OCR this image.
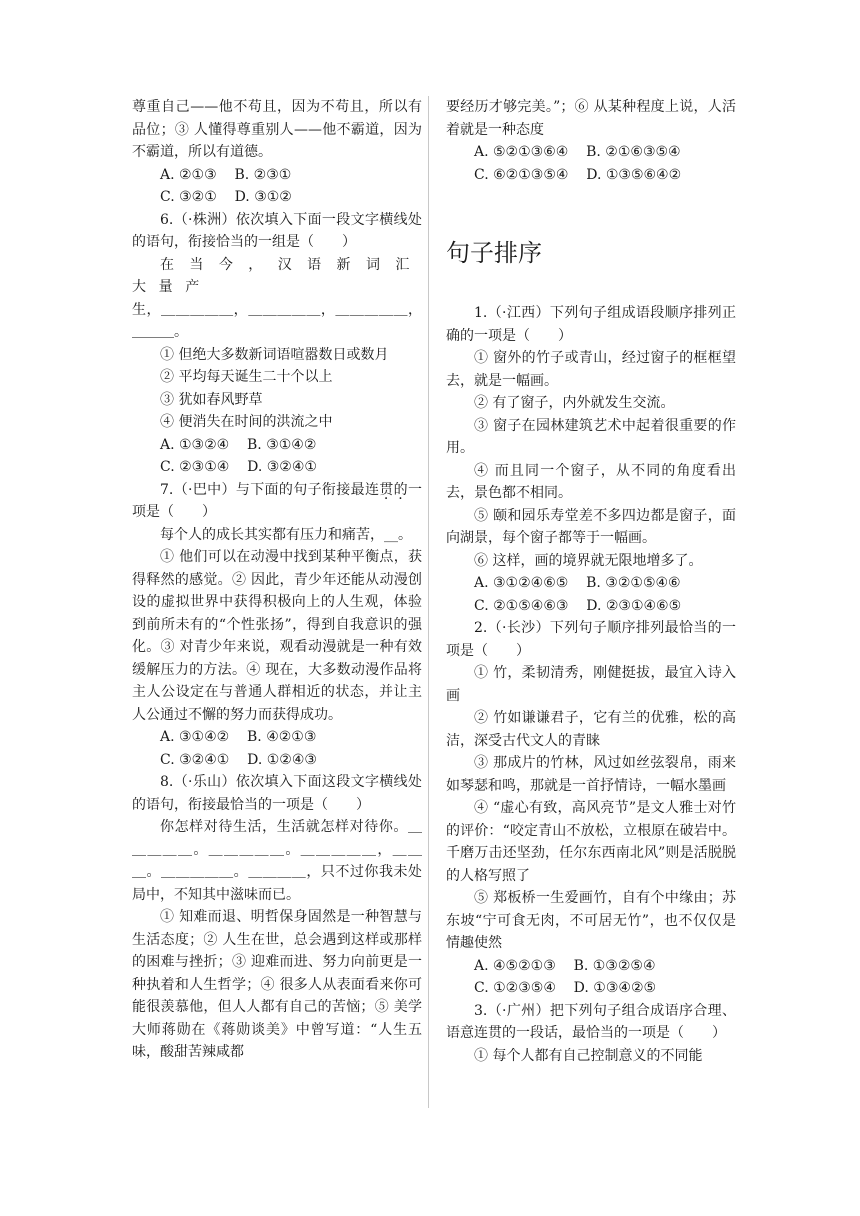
尊重自己——他不苟且，因为不苟且，所以有品位；③ 人懂得尊重别人——他不霸道，因为不霸道，所以有道德。

A. ②①③    B. ②③①

C. ③②①    D. ③①②

6.（·株洲）依次填入下面一段文字横线处的语句，衔接恰当的一组是（　　）

在当今，汉语新词汇大量产

生，＿＿＿＿＿，＿＿＿＿＿，＿＿＿＿＿，＿＿＿。

① 但绝大多数新词语喧嚣数日或数月

② 平均每天诞生二十个以上

③ 犹如春风野草

④ 便消失在时间的洪流之中

A. ①③②④    B. ③①④②

C. ②③①④    D. ③②④①

7.（·巴中）与下面的句子衔接最连贯的一项是（　　）

每个人的成长其实都有压力和痛苦，__。

① 他们可以在动漫中找到某种平衡点，获得释然的感觉。② 因此，青少年还能从动漫创设的虚拟世界中获得积极向上的人生观，体验到前所未有的“个性张扬”，得到自我意识的强化。③ 对青少年来说，观看动漫就是一种有效缓解压力的方法。④ 现在，大多数动漫作品将主人公设定在与普通人群相近的状态，并让主人公通过不懈的努力而获得成功。

A. ③①④②    B. ④②①③

C. ③②④①    D. ①②④③

8.（·乐山）依次填入下面这段文字横线处的语句，衔接最恰当的一项是（　　）

你怎样对待生活，生活就怎样对待你。＿＿＿＿＿。＿＿＿＿＿。＿＿＿＿＿，＿＿＿。＿＿＿＿＿。＿＿＿＿，只不过你我未处局中，不知其中滋味而已。

① 知难而退、明哲保身固然是一种智慧与生活态度；② 人生在世，总会遇到这样或那样的困难与挫折；③ 迎难而进、努力向前更是一种执着和人生哲学；④ 很多人从表面看来你可能很羡慕他，但人人都有自己的苦恼；⑤ 美学大师蒋勋在《蒋勋谈美》中曾写道：“人生五味，酸甜苦辣咸都

要经历才够完美。”；⑥ 从某种程度上说，人活着就是一种态度

A. ⑤②①③⑥④    B. ②①⑥③⑤④

C. ⑥②①③⑤④    D. ①③⑤⑥④②

句子排序

1.（·江西）下列句子组成语段顺序排列正确的一项是（　　）

① 窗外的竹子或青山，经过窗子的框框望去，就是一幅画。

② 有了窗子，内外就发生交流。

③ 窗子在园林建筑艺术中起着很重要的作用。

④ 而且同一个窗子，从不同的角度看出去，景色都不相同。

⑤ 颐和园乐寿堂差不多四边都是窗子，面向湖景，每个窗子都等于一幅画。

⑥ 这样，画的境界就无限地增多了。

A. ③①②④⑥⑤    B. ③②①⑤④⑥

C. ②①⑤④⑥③    D. ②③①④⑥⑤

2.（·长沙）下列句子顺序排列最恰当的一项是（　　）

① 竹，柔韧清秀，刚健挺拔，最宜入诗入画

② 竹如谦谦君子，它有兰的优雅，松的高洁，深受古代文人的青睐

③ 那成片的竹林，风过如丝弦裂帛，雨来如琴瑟和鸣，那就是一首抒情诗，一幅水墨画

④ “虚心有致，高风亮节”是文人雅士对竹的评价：“咬定青山不放松，立根原在破岩中。千磨万击还坚劲，任尔东西南北风”则是活脱脱的人格写照了

⑤ 郑板桥一生爱画竹，自有个中缘由；苏东坡“宁可食无肉，不可居无竹”，也不仅仅是情趣使然

A. ④⑤②①③    B. ①③②⑤④

C. ①②③⑤④    D. ①③④②⑤

3.（·广州）把下列句子组合成语序合理、语意连贯的一段话，最恰当的一项是（　　）

① 每个人都有自己控制意义的不同能
